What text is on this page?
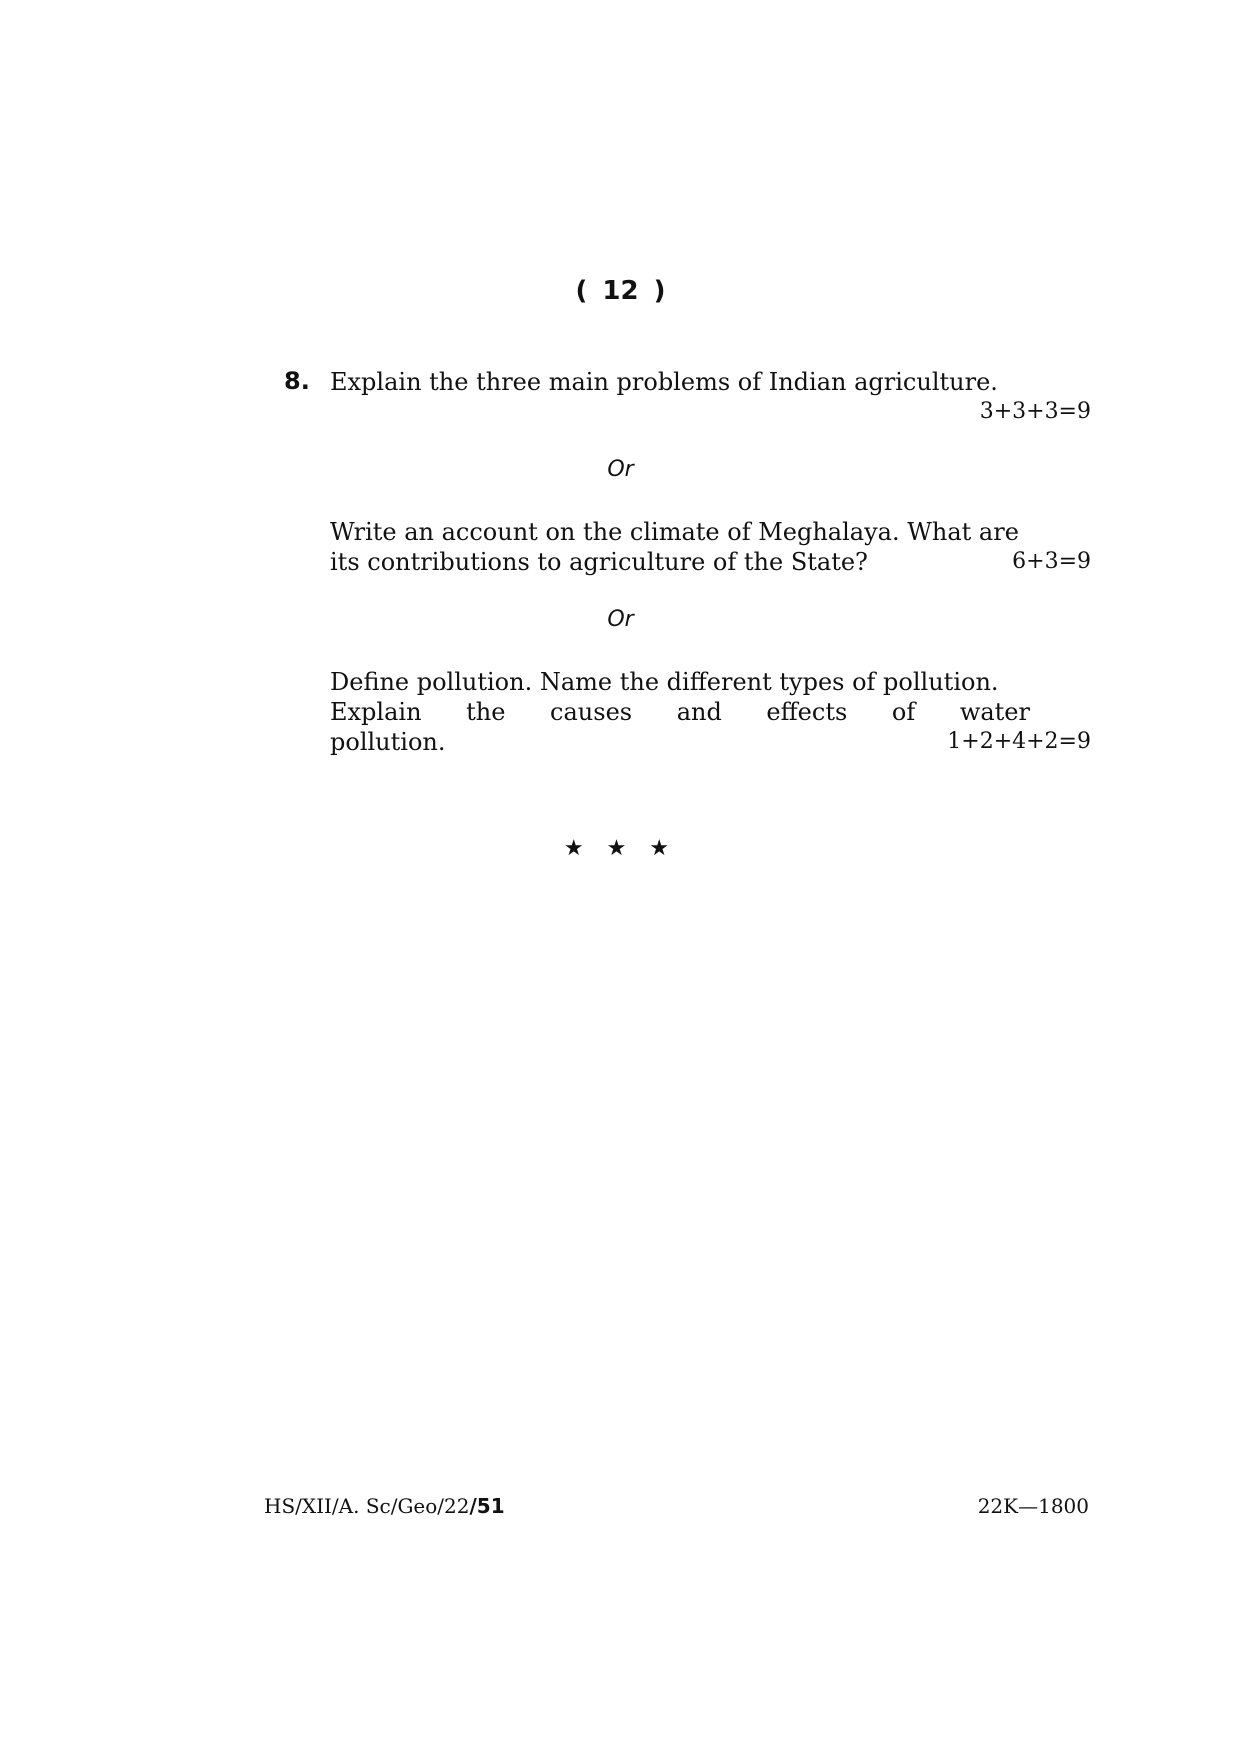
( 12 )
8. Explain the three main problems of Indian agriculture.
3+3+3=9
Or
Write an account on the climate of Meghalaya. What are
its contributions to agriculture of the State?	6+3=9
Or
Define pollution. Name the different types of pollution.
Explain the causes and effects of water
pollution.	1+2+4+2=9
★ ★ ★
HS/XII/A. Sc/Geo/22/51	22K—1800
